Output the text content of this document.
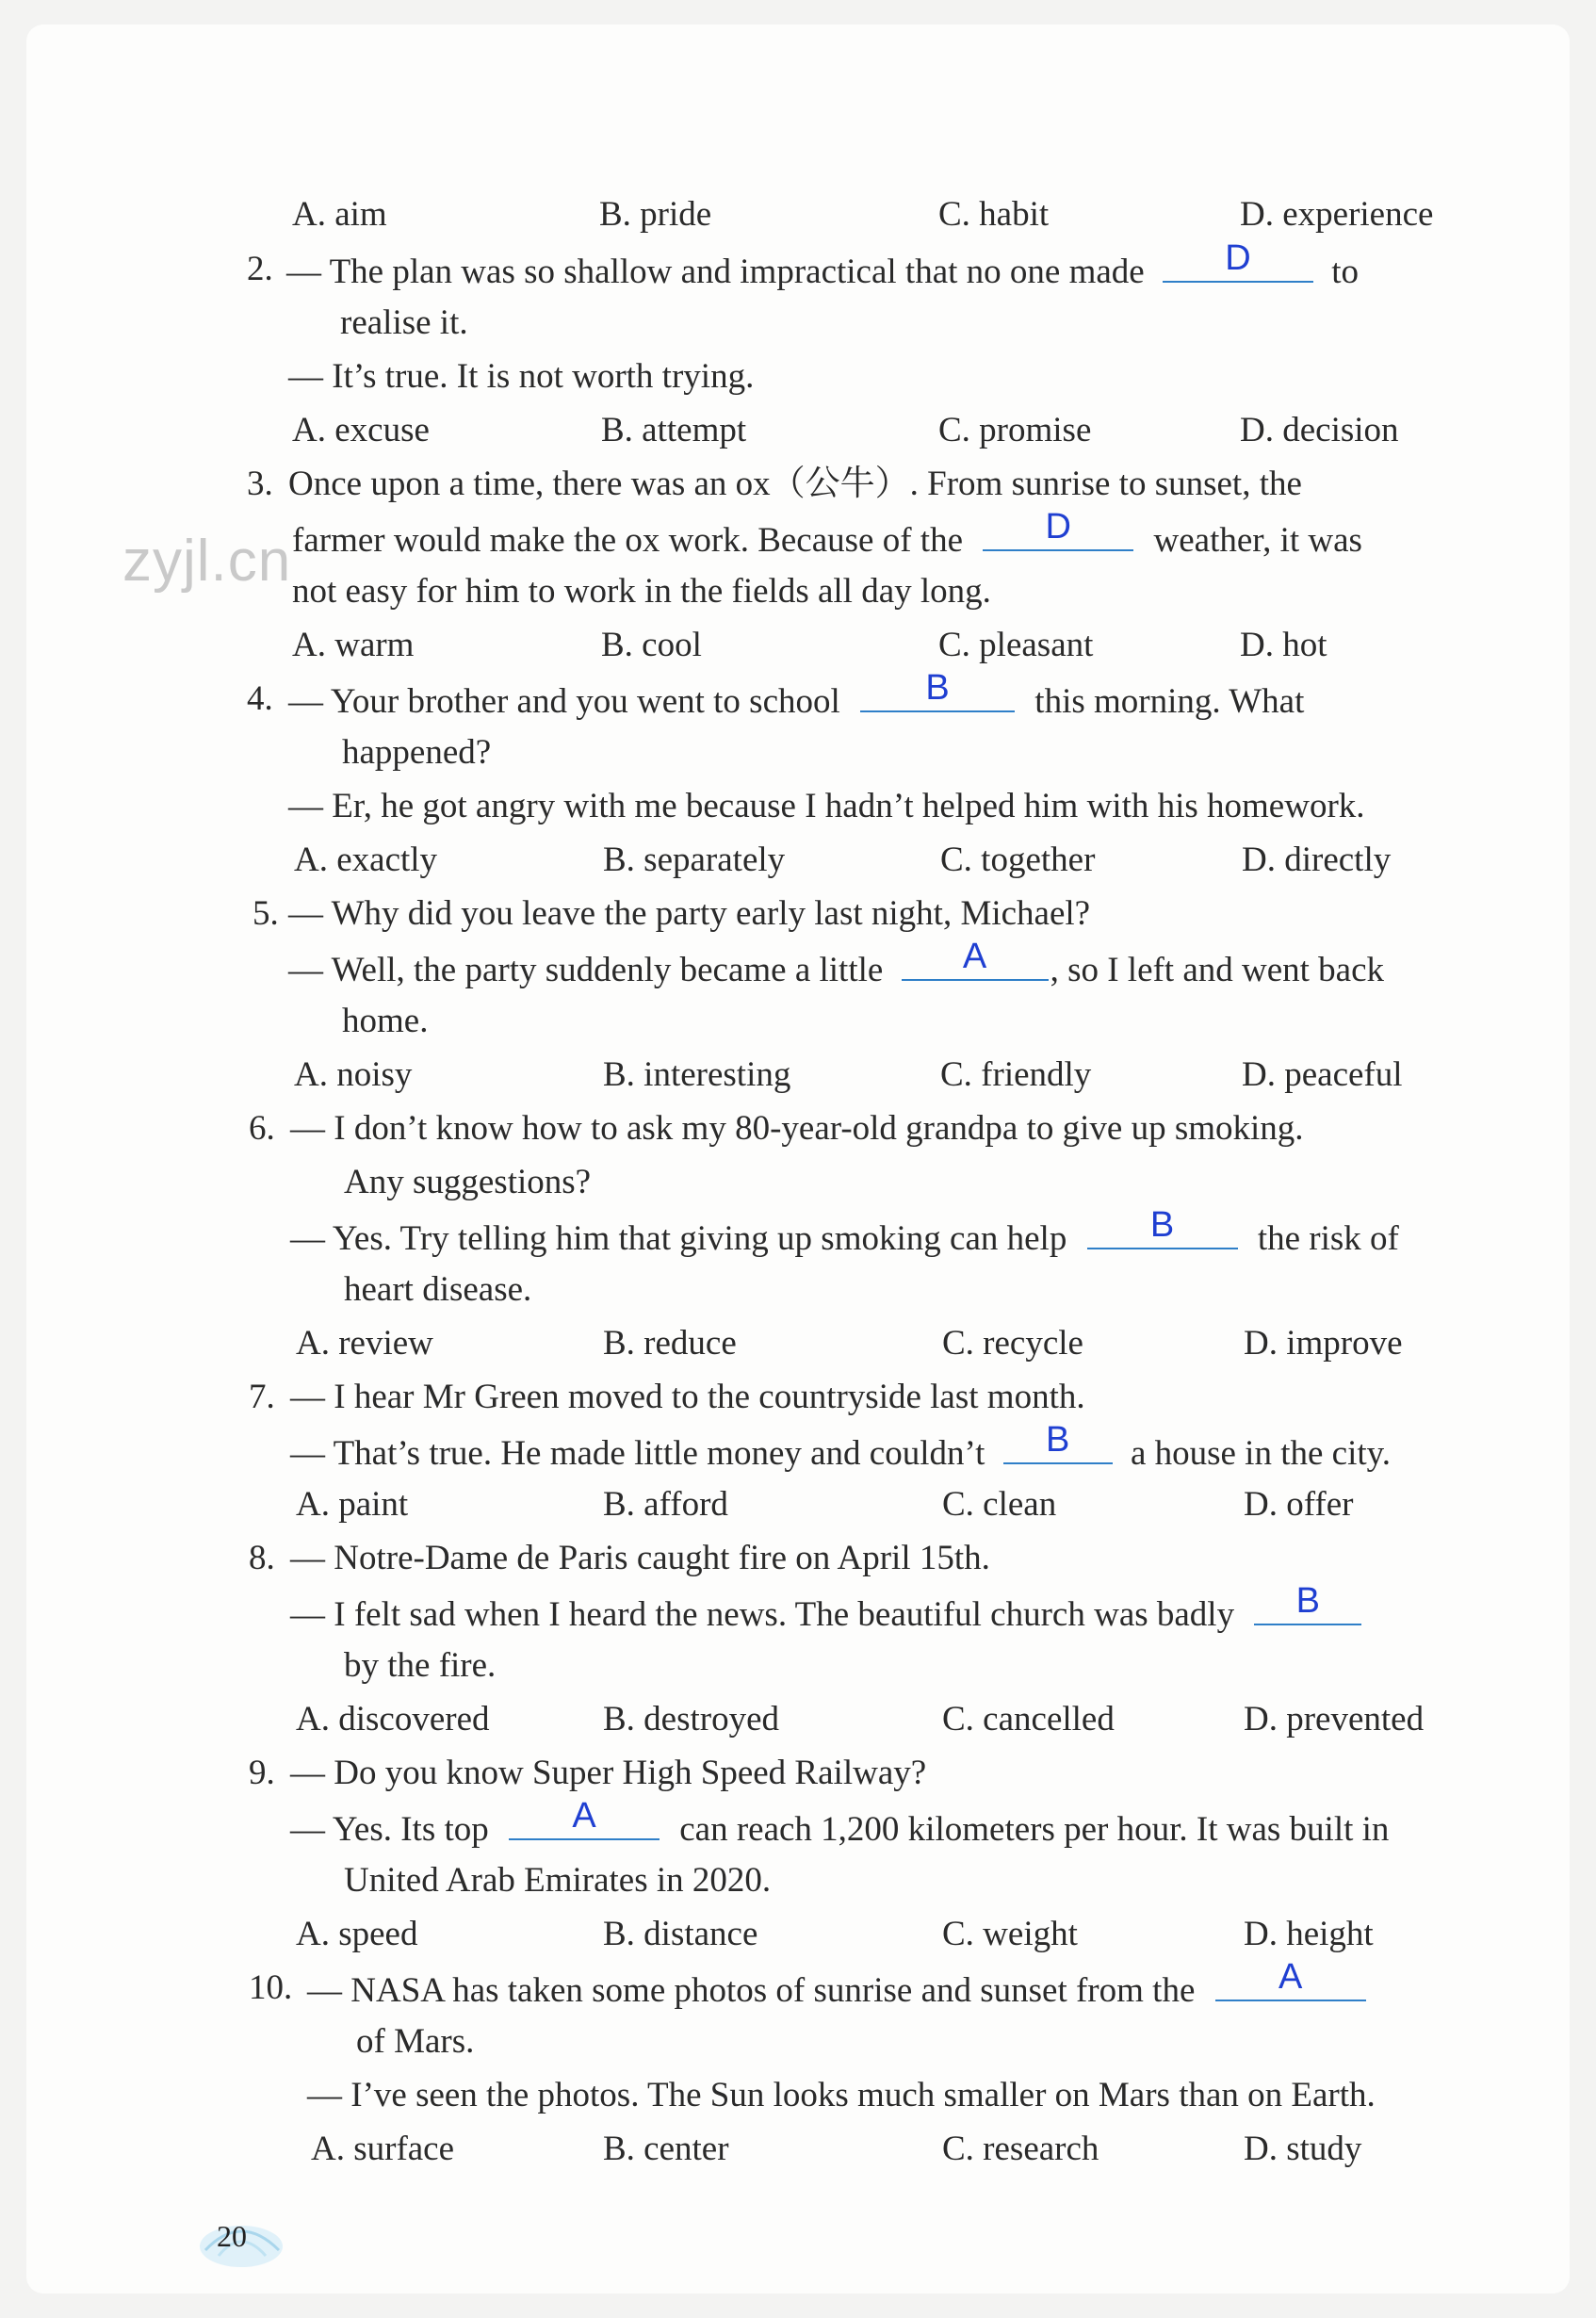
zyjl.cn
A. aim	B. pride	C. habit	D. experience
2. — The plan was so shallow and impractical that no one made	D	to
realise it.
— It’s true. It is not worth trying.
A. excuse	B. attempt	C. promise	D. decision
3. Once upon a time, there was an ox（公牛）. From sunrise to sunset, the
farmer would make the ox work. Because of the	D	weather, it was
not easy for him to work in the fields all day long.
A. warm	B. cool	C. pleasant	D. hot
4. — Your brother and you went to school	B	this morning. What
happened?
— Er, he got angry with me because I hadn’t helped him with his homework.
A. exactly	B. separately	C. together	D. directly
5. — Why did you leave the party early last night, Michael?
— Well, the party suddenly became a little	A	, so I left and went back
home.
A. noisy	B. interesting	C. friendly	D. peaceful
6. — I don’t know how to ask my 80-year-old grandpa to give up smoking.
Any suggestions?
— Yes. Try telling him that giving up smoking can help	B	the risk of
heart disease.
A. review	B. reduce	C. recycle	D. improve
7. — I hear Mr Green moved to the countryside last month.
— That’s true. He made little money and couldn’t	B	a house in the city.
A. paint	B. afford	C. clean	D. offer
8. — Notre-Dame de Paris caught fire on April 15th.
— I felt sad when I heard the news. The beautiful church was badly	B
by the fire.
A. discovered	B. destroyed	C. cancelled	D. prevented
9. — Do you know Super High Speed Railway?
— Yes. Its top	A	can reach 1,200 kilometers per hour. It was built in
United Arab Emirates in 2020.
A. speed	B. distance	C. weight	D. height
10. — NASA has taken some photos of sunrise and sunset from the	A
of Mars.
— I’ve seen the photos. The Sun looks much smaller on Mars than on Earth.
A. surface	B. center	C. research	D. study
20
